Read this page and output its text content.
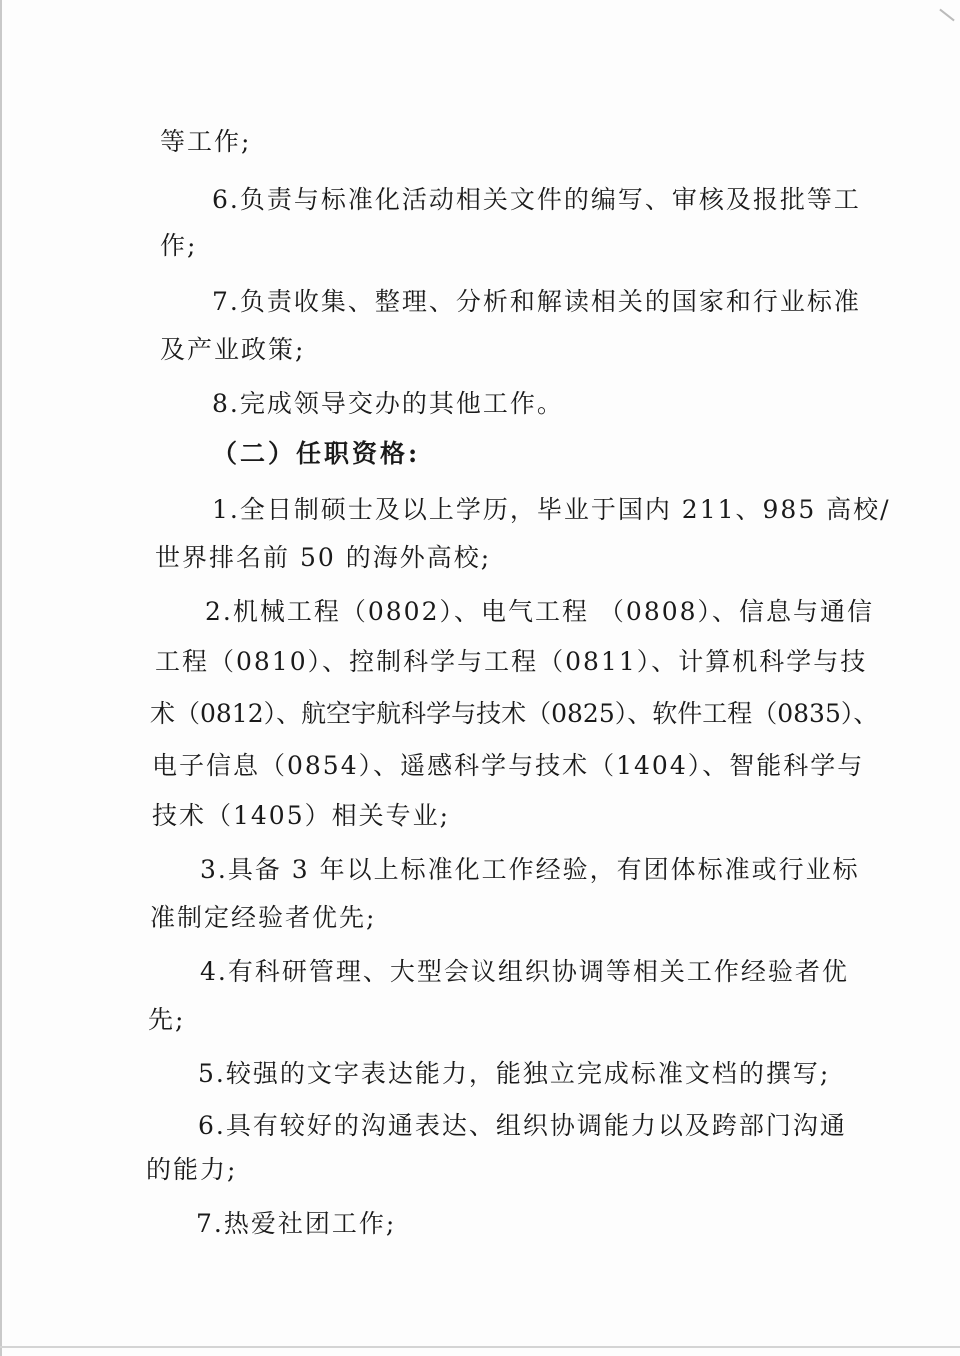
等工作;
6.负责与标准化活动相关文件的编写、审核及报批等工
作;
7.负责收集、整理、分析和解读相关的国家和行业标准
及产业政策;
8.完成领导交办的其他工作。
（二）任职资格:
1.全日制硕士及以上学历，毕业于国内 211、985 高校/
世界排名前 50 的海外高校;
2.机械工程（0802）、电气工程 （0808）、信息与通信
工程（0810）、控制科学与工程（0811）、计算机科学与技
术（0812）、航空宇航科学与技术（0825）、软件工程（0835）、
电子信息（0854）、遥感科学与技术（1404）、智能科学与
技术（1405）相关专业;
3.具备 3 年以上标准化工作经验，有团体标准或行业标
准制定经验者优先;
4.有科研管理、大型会议组织协调等相关工作经验者优
先;
5.较强的文字表达能力，能独立完成标准文档的撰写;
6.具有较好的沟通表达、组织协调能力以及跨部门沟通
的能力;
7.热爱社团工作;
